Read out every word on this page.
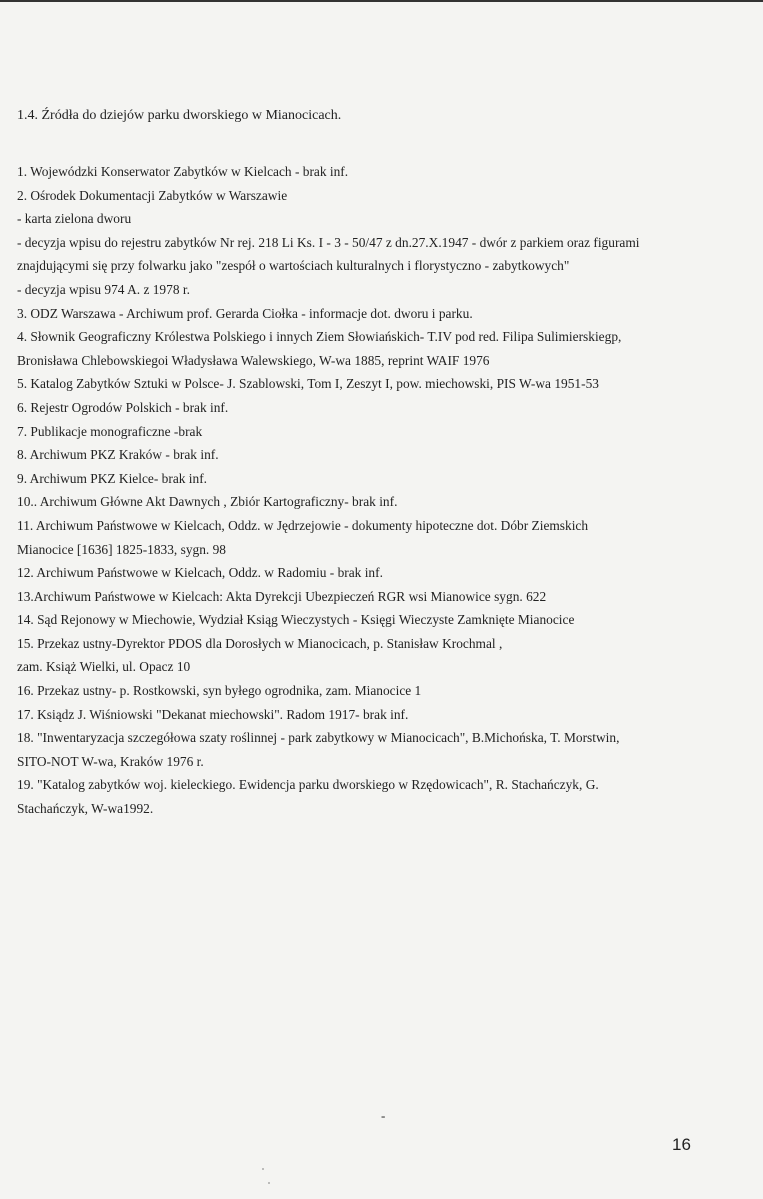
1.4. Źródła do dziejów parku dworskiego w Mianocicach.
1. Wojewódzki Konserwator Zabytków w Kielcach - brak inf.
2. Ośrodek Dokumentacji Zabytków w Warszawie
- karta zielona dworu
- decyzja wpisu do rejestru zabytków Nr rej. 218 Li Ks. I - 3 - 50/47 z dn.27.X.1947 - dwór z parkiem oraz figurami
znajdującymi się przy folwarku jako "zespół o wartościach kulturalnych i florystyczno - zabytkowych"
- decyzja wpisu 974 A. z 1978 r.
3. ODZ Warszawa - Archiwum prof. Gerarda Ciołka - informacje dot. dworu i parku.
4. Słownik Geograficzny Królestwa Polskiego i innych Ziem Słowiańskich- T.IV pod red. Filipa Sulimierskiegp,
Bronisława Chlebowskiegoi Władysława Walewskiego, W-wa 1885, reprint WAIF 1976
5. Katalog Zabytków Sztuki w Polsce- J. Szablowski, Tom I, Zeszyt I, pow. miechowski, PIS W-wa 1951-53
6. Rejestr Ogrodów Polskich - brak inf.
7. Publikacje monograficzne -brak
8. Archiwum PKZ Kraków - brak inf.
9. Archiwum PKZ Kielce- brak inf.
10.. Archiwum Główne Akt Dawnych , Zbiór Kartograficzny- brak inf.
11. Archiwum Państwowe w Kielcach, Oddz. w Jędrzejowie - dokumenty hipoteczne dot. Dóbr Ziemskich
Mianocice [1636] 1825-1833, sygn. 98
12. Archiwum Państwowe w Kielcach, Oddz. w Radomiu - brak inf.
13.Archiwum Państwowe w Kielcach: Akta Dyrekcji Ubezpieczeń RGR wsi Mianowice sygn. 622
14. Sąd Rejonowy w Miechowie, Wydział Ksiąg Wieczystych - Księgi Wieczyste Zamknięte Mianocice
15. Przekaz ustny-Dyrektor PDOS dla Dorosłych w Mianocicach, p. Stanisław Krochmal ,
zam. Książ Wielki, ul. Opacz 10
16. Przekaz ustny- p. Rostkowski, syn byłego ogrodnika, zam. Mianocice 1
17. Ksiądz J. Wiśniowski "Dekanat miechowski". Radom 1917- brak inf.
18. "Inwentaryzacja szczegółowa szaty roślinnej - park zabytkowy w Mianocicach", B.Michońska, T. Morstwin,
SITO-NOT W-wa, Kraków 1976 r.
19. "Katalog zabytków woj. kieleckiego. Ewidencja parku dworskiego w Rzędowicach", R. Stachańczyk, G.
Stachańczyk, W-wa1992.
-
16
